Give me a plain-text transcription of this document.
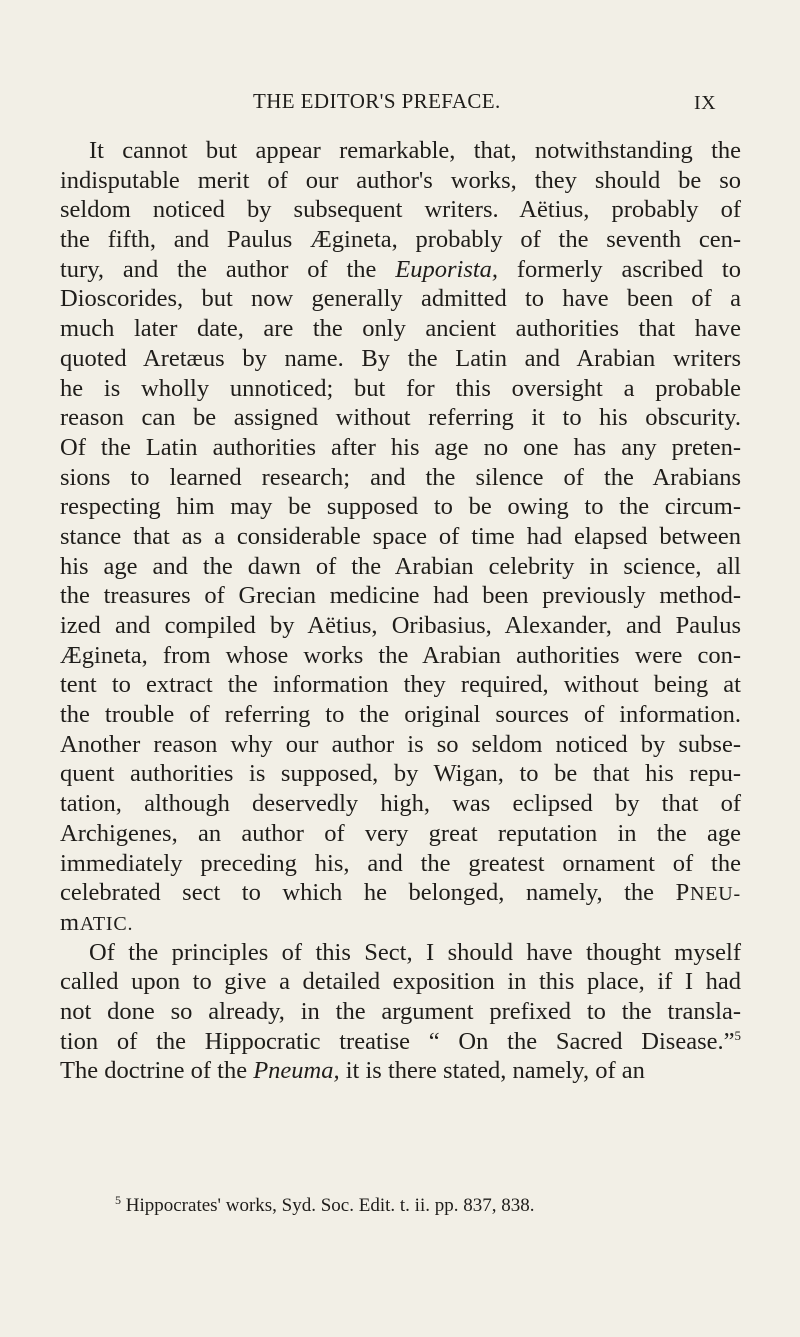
THE EDITOR'S PREFACE.	IX
It cannot but appear remarkable, that, notwithstanding the
indisputable merit of our author's works, they should be so
seldom noticed by subsequent writers. Aëtius, probably of
the fifth, and Paulus Ægineta, probably of the seventh cen-
tury, and the author of the Euporista, formerly ascribed to
Dioscorides, but now generally admitted to have been of a
much later date, are the only ancient authorities that have
quoted Aretæus by name. By the Latin and Arabian writers
he is wholly unnoticed; but for this oversight a probable
reason can be assigned without referring it to his obscurity.
Of the Latin authorities after his age no one has any preten-
sions to learned research; and the silence of the Arabians
respecting him may be supposed to be owing to the circum-
stance that as a considerable space of time had elapsed between
his age and the dawn of the Arabian celebrity in science, all
the treasures of Grecian medicine had been previously method-
ized and compiled by Aëtius, Oribasius, Alexander, and Paulus
Ægineta, from whose works the Arabian authorities were con-
tent to extract the information they required, without being at
the trouble of referring to the original sources of information.
Another reason why our author is so seldom noticed by subse-
quent authorities is supposed, by Wigan, to be that his repu-
tation, although deservedly high, was eclipsed by that of
Archigenes, an author of very great reputation in the age
immediately preceding his, and the greatest ornament of the
celebrated sect to which he belonged, namely, the PNEU-
mATIC.
Of the principles of this Sect, I should have thought myself
called upon to give a detailed exposition in this place, if I had
not done so already, in the argument prefixed to the transla-
tion of the Hippocratic treatise “ On the Sacred Disease.”$^5$
The doctrine of the Pneuma, it is there stated, namely, of an
$^5$ Hippocrates' works, Syd. Soc. Edit. t. ii. pp. 837, 838.
